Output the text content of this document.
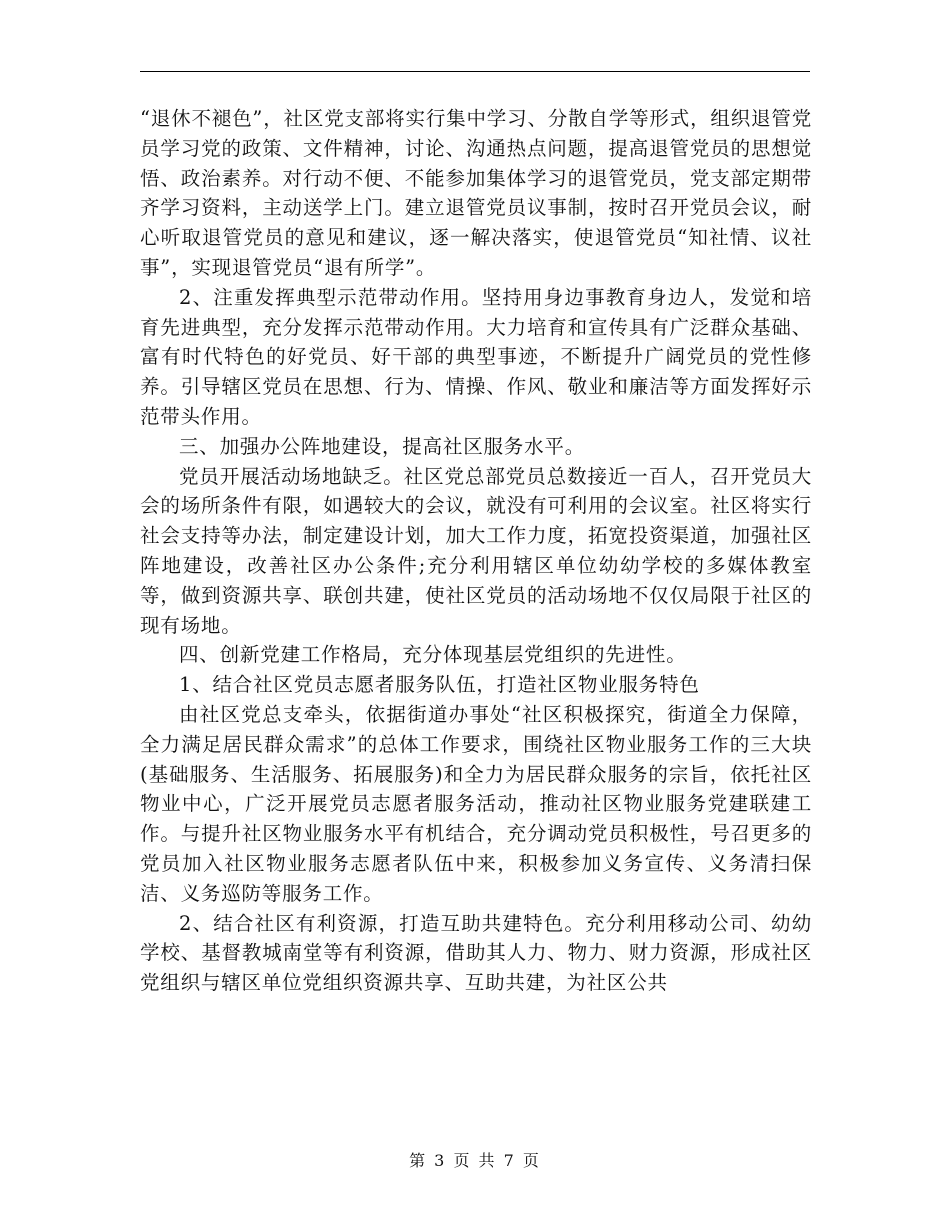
“退休不褪色”，社区党支部将实行集中学习、分散自学等形式，组织退管党员学习党的政策、文件精神，讨论、沟通热点问题，提高退管党员的思想觉悟、政治素养。对行动不便、不能参加集体学习的退管党员，党支部定期带齐学习资料，主动送学上门。建立退管党员议事制，按时召开党员会议，耐心听取退管党员的意见和建议，逐一解决落实，使退管党员“知社情、议社事”，实现退管党员“退有所学”。

2、注重发挥典型示范带动作用。坚持用身边事教育身边人，发觉和培育先进典型，充分发挥示范带动作用。大力培育和宣传具有广泛群众基础、富有时代特色的好党员、好干部的典型事迹，不断提升广阔党员的党性修养。引导辖区党员在思想、行为、情操、作风、敬业和廉洁等方面发挥好示范带头作用。

三、加强办公阵地建设，提高社区服务水平。

党员开展活动场地缺乏。社区党总部党员总数接近一百人，召开党员大会的场所条件有限，如遇较大的会议，就没有可利用的会议室。社区将实行社会支持等办法，制定建设计划，加大工作力度，拓宽投资渠道，加强社区阵地建设，改善社区办公条件;充分利用辖区单位幼幼学校的多媒体教室等，做到资源共享、联创共建，使社区党员的活动场地不仅仅局限于社区的现有场地。

四、创新党建工作格局，充分体现基层党组织的先进性。

1、结合社区党员志愿者服务队伍，打造社区物业服务特色

由社区党总支牵头，依据街道办事处“社区积极探究，街道全力保障，全力满足居民群众需求”的总体工作要求，围绕社区物业服务工作的三大块(基础服务、生活服务、拓展服务)和全力为居民群众服务的宗旨，依托社区物业中心，广泛开展党员志愿者服务活动，推动社区物业服务党建联建工作。与提升社区物业服务水平有机结合，充分调动党员积极性，号召更多的党员加入社区物业服务志愿者队伍中来，积极参加义务宣传、义务清扫保洁、义务巡防等服务工作。

2、结合社区有利资源，打造互助共建特色。充分利用移动公司、幼幼学校、基督教城南堂等有利资源，借助其人力、物力、财力资源，形成社区党组织与辖区单位党组织资源共享、互助共建，为社区公共

第 3 页 共 7 页
